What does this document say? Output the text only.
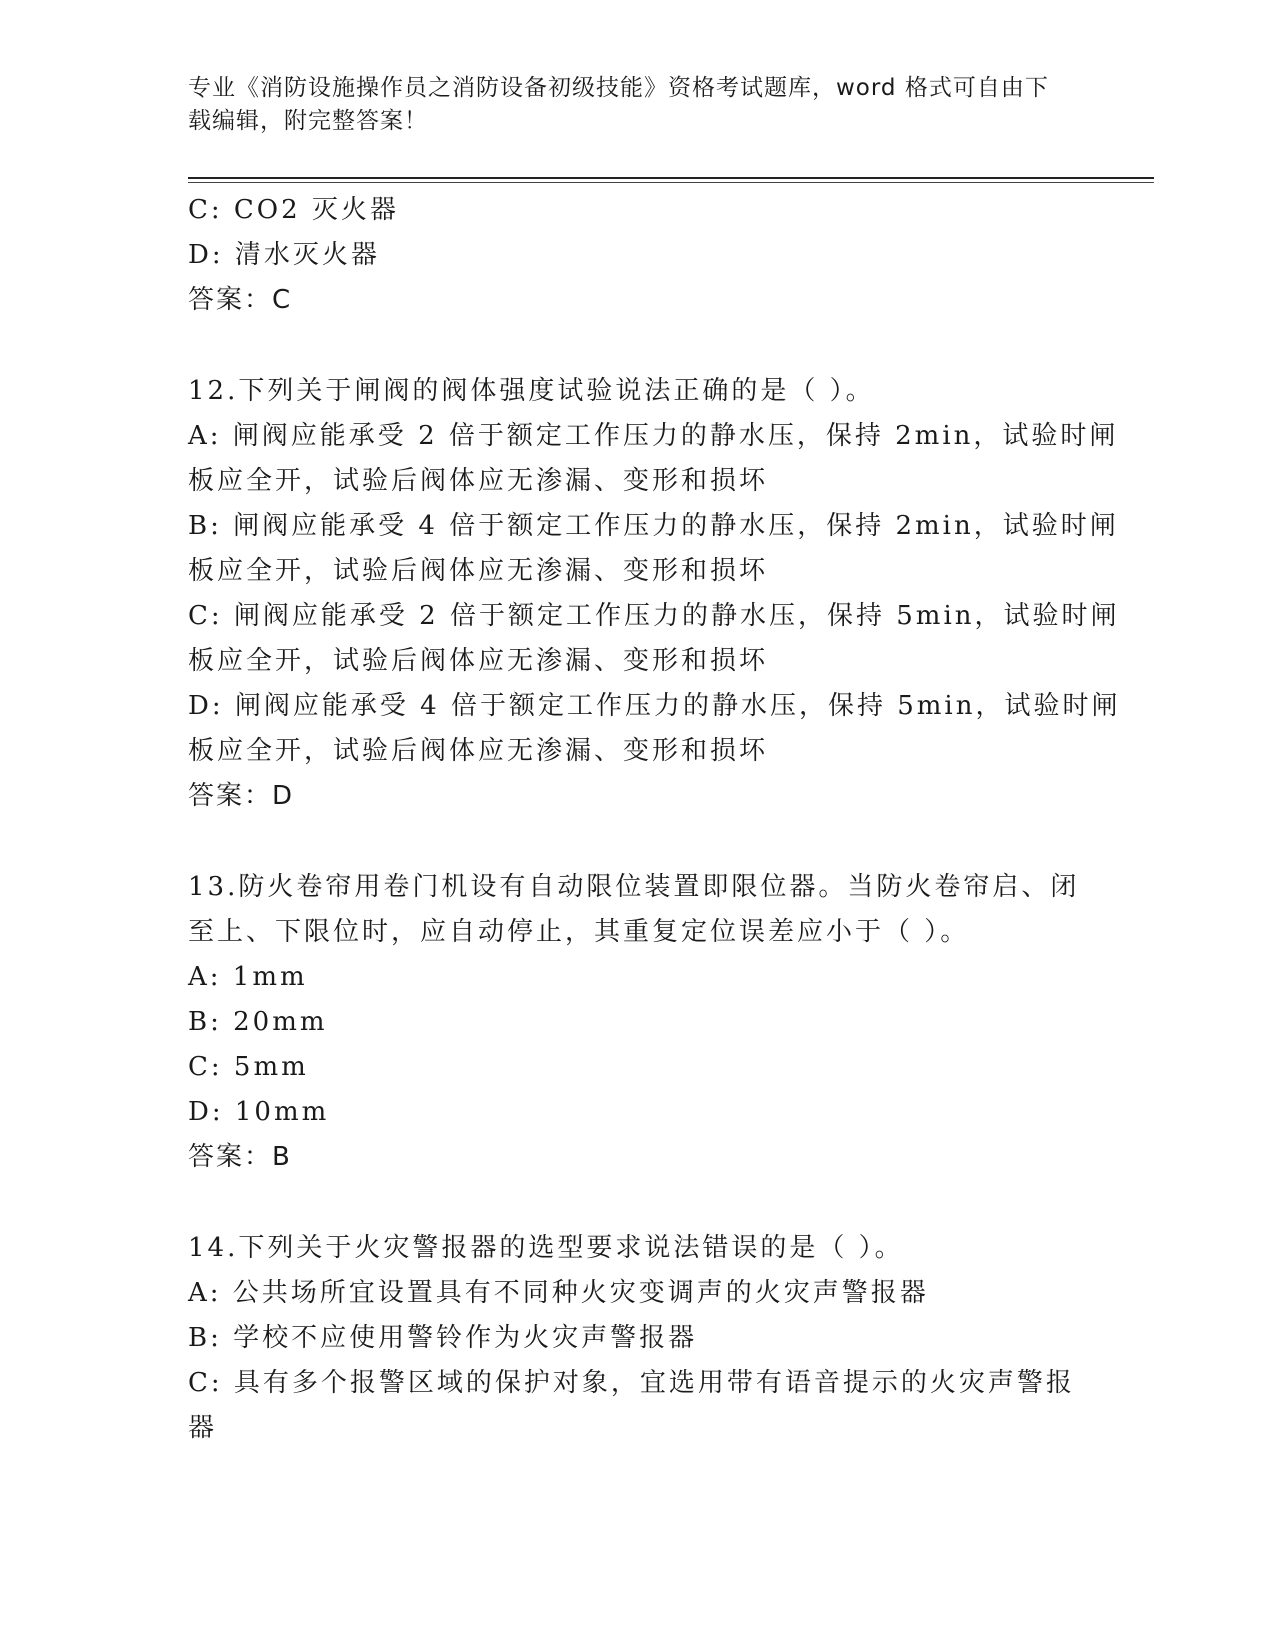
专业《消防设施操作员之消防设备初级技能》资格考试题库，word 格式可自由下
载编辑，附完整答案！
C: CO2 灭火器
D: 清水灭火器
答案：C
12.下列关于闸阀的阀体强度试验说法正确的是（ ）。
A: 闸阀应能承受 2 倍于额定工作压力的静水压，保持 2min，试验时闸
板应全开，试验后阀体应无渗漏、变形和损坏
B: 闸阀应能承受 4 倍于额定工作压力的静水压，保持 2min，试验时闸
板应全开，试验后阀体应无渗漏、变形和损坏
C: 闸阀应能承受 2 倍于额定工作压力的静水压，保持 5min，试验时闸
板应全开，试验后阀体应无渗漏、变形和损坏
D: 闸阀应能承受 4 倍于额定工作压力的静水压，保持 5min，试验时闸
板应全开，试验后阀体应无渗漏、变形和损坏
答案：D
13.防火卷帘用卷门机设有自动限位装置即限位器。当防火卷帘启、闭
至上、下限位时，应自动停止，其重复定位误差应小于（ ）。
A: 1mm
B: 20mm
C: 5mm
D: 10mm
答案：B
14.下列关于火灾警报器的选型要求说法错误的是（ ）。
A: 公共场所宜设置具有不同种火灾变调声的火灾声警报器
B: 学校不应使用警铃作为火灾声警报器
C: 具有多个报警区域的保护对象，宜选用带有语音提示的火灾声警报
器
